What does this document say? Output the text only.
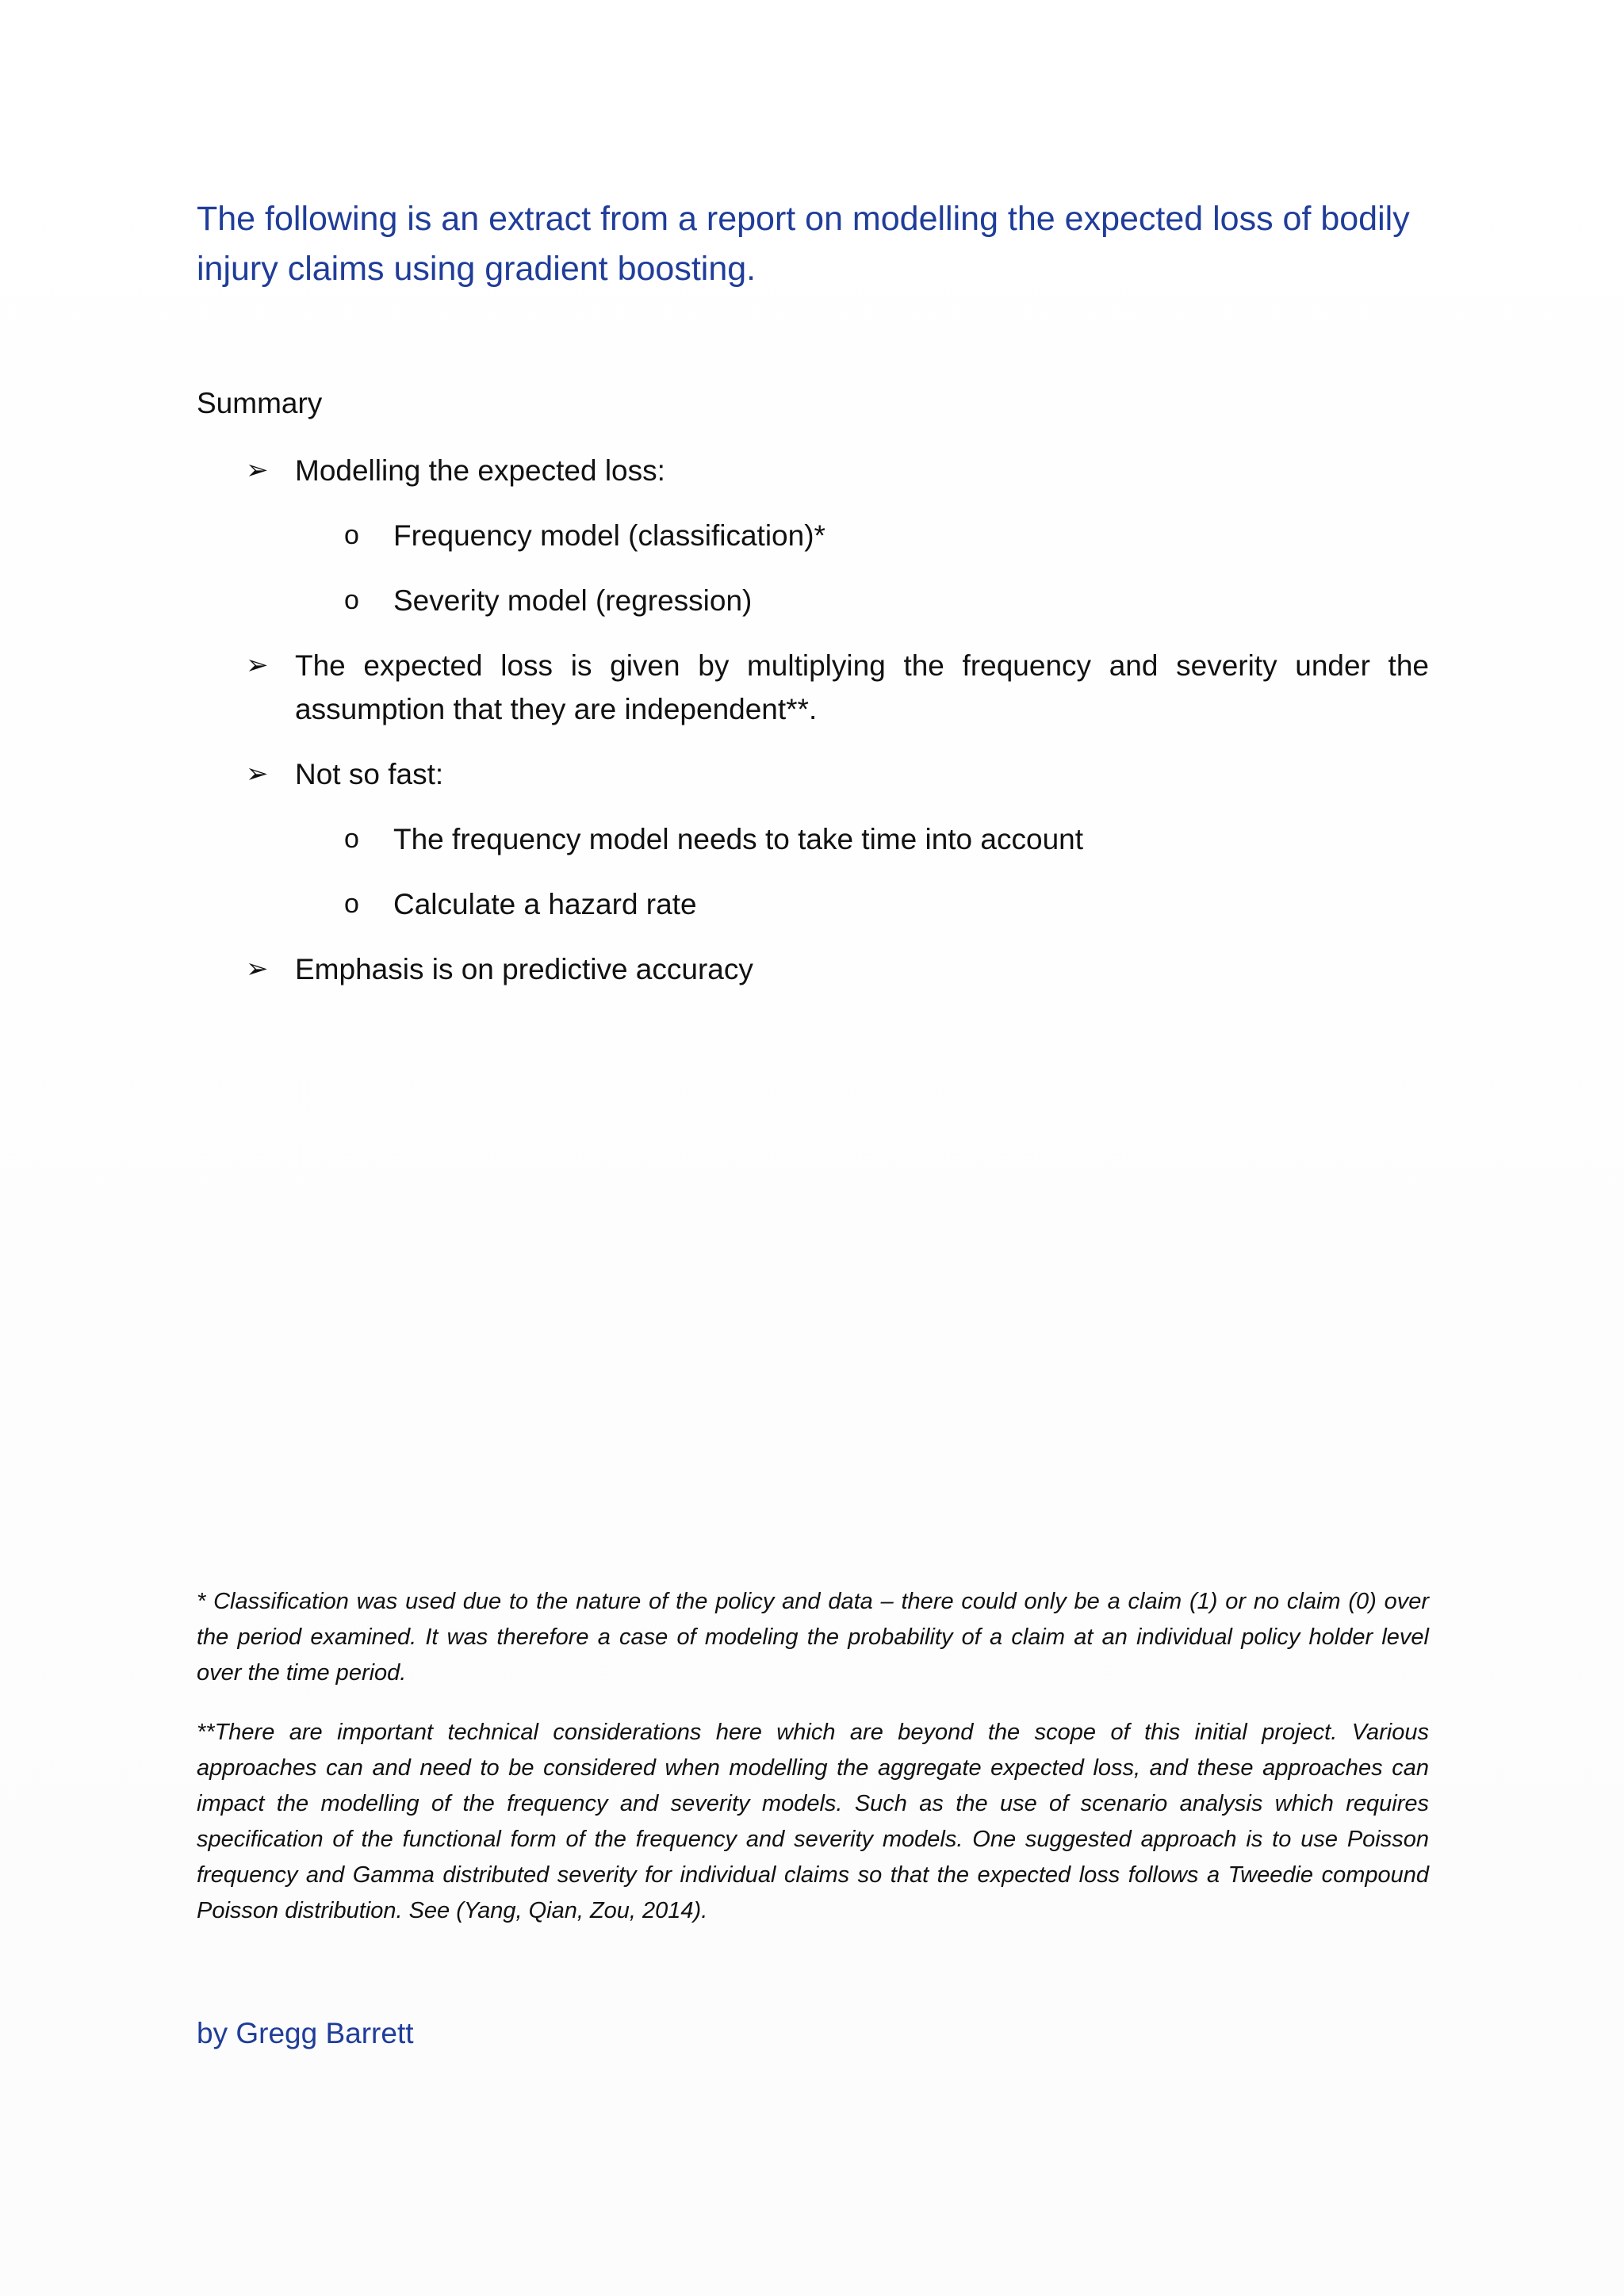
The following is an extract from a report on modelling the expected loss of bodily injury claims using gradient boosting.
Summary
➢ Modelling the expected loss:
o Frequency model (classification)*
o Severity model (regression)
➢ The expected loss is given by multiplying the frequency and severity under the assumption that they are independent**.
➢ Not so fast:
o The frequency model needs to take time into account
o Calculate a hazard rate
➢ Emphasis is on predictive accuracy

* Classification was used due to the nature of the policy and data – there could only be a claim (1) or no claim (0) over the period examined. It was therefore a case of modeling the probability of a claim at an individual policy holder level over the time period.

**There are important technical considerations here which are beyond the scope of this initial project. Various approaches can and need to be considered when modelling the aggregate expected loss, and these approaches can impact the modelling of the frequency and severity models. Such as the use of scenario analysis which requires specification of the functional form of the frequency and severity models. One suggested approach is to use Poisson frequency and Gamma distributed severity for individual claims so that the expected loss follows a Tweedie compound Poisson distribution. See (Yang, Qian, Zou, 2014).

by Gregg Barrett
